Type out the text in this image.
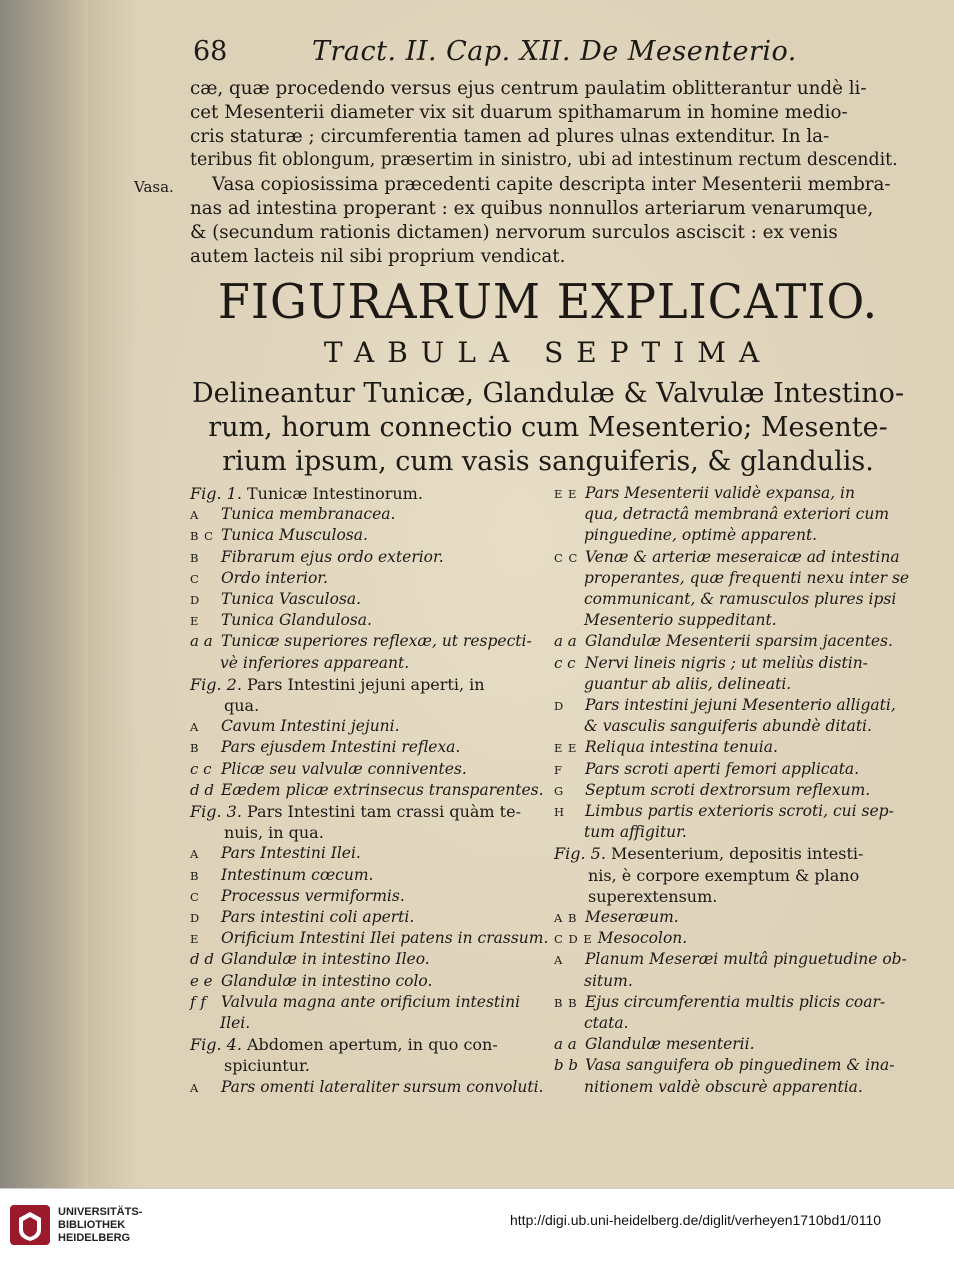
68	Tract. II. Cap. XII. De Mesenterio.
cæ, quæ procedendo versus ejus centrum paulatim oblitterantur undè li-
cet Mesenterii diameter vix sit duarum spithamarum in homine medio-
cris staturæ ; circumferentia tamen ad plures ulnas extenditur. In la-
teribus fit oblongum, præsertim in sinistro, ubi ad intestinum rectum descendit.
Vasa. Vasa copiosissima præcedenti capite descripta inter Mesenterii membra-
nas ad intestina properant : ex quibus nonnullos arteriarum venarumque,
& (secundum rationis dictamen) nervorum surculos asciscit : ex venis
autem lacteis nil sibi proprium vendicat.
FIGURARUM EXPLICATIO.
TABULA SEPTIMA
Delineantur Tunicæ, Glandulæ & Valvulæ Intestino-
rum, horum connectio cum Mesenterio; Mesente-
rium ipsum, cum vasis sanguiferis, & glandulis.
Fig. 1. Tunicæ Intestinorum.
A Tunica membranacea.
B C Tunica Musculosa.
B Fibrarum ejus ordo exterior.
C Ordo interior.
D Tunica Vasculosa.
E Tunica Glandulosa.
a a Tunicæ superiores reflexæ, ut respecti-
vè inferiores appareant.
Fig. 2. Pars Intestini jejuni aperti, in
qua.
A Cavum Intestini jejuni.
B Pars ejusdem Intestini reflexa.
c c Plicæ seu valvulæ conniventes.
d d Eædem plicæ extrinsecus transparentes.
Fig. 3. Pars Intestini tam crassi quàm te-
nuis, in qua.
A Pars Intestini Ilei.
B Intestinum cœcum.
C Processus vermiformis.
D Pars intestini coli aperti.
E Orificium Intestini Ilei patens in crassum.
d d Glandulæ in intestino Ileo.
e e Glandulæ in intestino colo.
f f Valvula magna ante orificium intestini
Ilei.
Fig. 4. Abdomen apertum, in quo con-
spiciuntur.
A Pars omenti lateraliter sursum convoluti.
E E Pars Mesenterii validè expansa, in
qua, detractâ membranâ exteriori cum
pinguedine, optimè apparent.
C C Venæ & arteriæ meseraicæ ad intestina
properantes, quæ frequenti nexu inter se
communicant, & ramusculos plures ipsi
Mesenterio suppeditant.
a a Glandulæ Mesenterii sparsim jacentes.
c c Nervi lineis nigris ; ut meliùs distin-
guantur ab aliis, delineati.
D Pars intestini jejuni Mesenterio alligati,
& vasculis sanguiferis abundè ditati.
E E Reliqua intestina tenuia.
F Pars scroti aperti femori applicata.
G Septum scroti dextrorsum reflexum.
H Limbus partis exterioris scroti, cui sep-
tum affigitur.
Fig. 5. Mesenterium, depositis intesti-
nis, è corpore exemptum & plano
superextensum.
A B Meseræum.
C D E Mesocolon.
A Planum Meseræi multâ pinguetudine ob-
situm.
B B Ejus circumferentia multis plicis coar-
ctata.
a a Glandulæ mesenterii.
b b Vasa sanguifera ob pinguedinem & ina-
nitionem valdè obscurè apparentia.
UNIVERSITÄTS-
BIBLIOTHEK
HEIDELBERG
http://digi.ub.uni-heidelberg.de/diglit/verheyen1710bd1/0110
